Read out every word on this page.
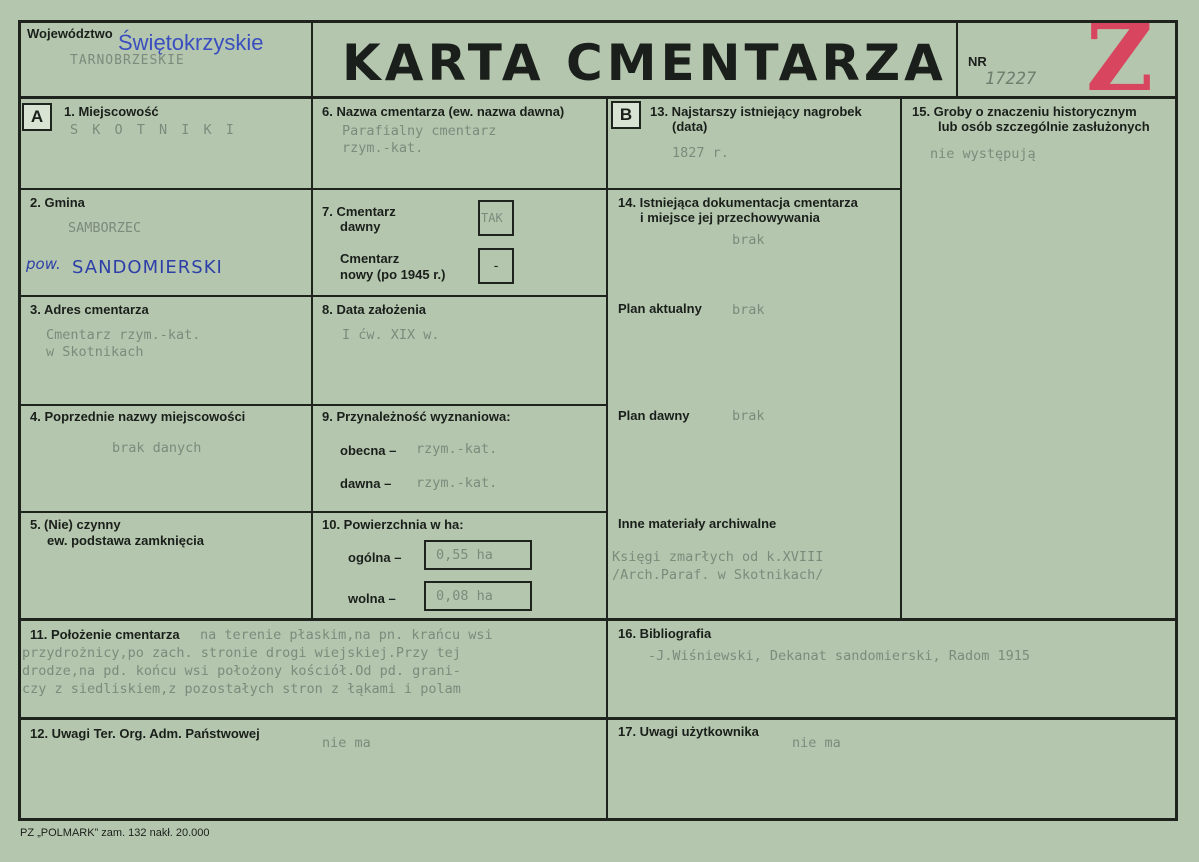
Województwo Świętokrzyskie
TARNOBRZESKIE	KARTA CMENTARZA NR
17227 Z
A	1. Miejscowość
S K O T N I K I
2. Gmina
SAMBORZEC
pow. SANDOMIERSKI
3. Adres cmentarza
Cmentarz rzym.-kat.
w Skotnikach
4. Poprzednie nazwy miejscowości
brak danych
5. (Nie) czynny
ew. podstawa zamknięcia
6. Nazwa cmentarza (ew. nazwa dawna)
Parafialny cmentarz
rzym.-kat.
7. Cmentarz
dawny
TAK
Cmentarz
nowy (po 1945 r.)
-
8. Data założenia
I ćw. XIX w.
9. Przynależność wyznaniowa:
obecna – rzym.-kat.
dawna – rzym.-kat.
10. Powierzchnia w ha:
ogólna –	0,55 ha
wolna –	0,08 ha
B	13. Najstarszy istniejący nagrobek
(data)
1827 r.
14. Istniejąca dokumentacja cmentarza
i miejsce jej przechowywania
brak
Plan aktualny brak
Plan dawny	brak
Inne materiały archiwalne
Księgi zmarłych od k.XVIII
/Arch.Paraf. w Skotnikach/
15. Groby o znaczeniu historycznym
lub osób szczególnie zasłużonych
nie występują
11. Położenie cmentarza na terenie płaskim,na pn. krańcu wsi
przydrożnicy,po zach. stronie drogi wiejskiej.Przy tej
drodze,na pd. końcu wsi położony kościół.Od pd. grani-
czy z siedliskiem,z pozostałych stron z łąkami i polam
16. Bibliografia
-J.Wiśniewski, Dekanat sandomierski, Radom 1915
12. Uwagi Ter. Org. Adm. Państwowej
nie ma
17. Uwagi użytkownika
nie ma
PZ „POLMARK” zam. 132 nakł. 20.000
